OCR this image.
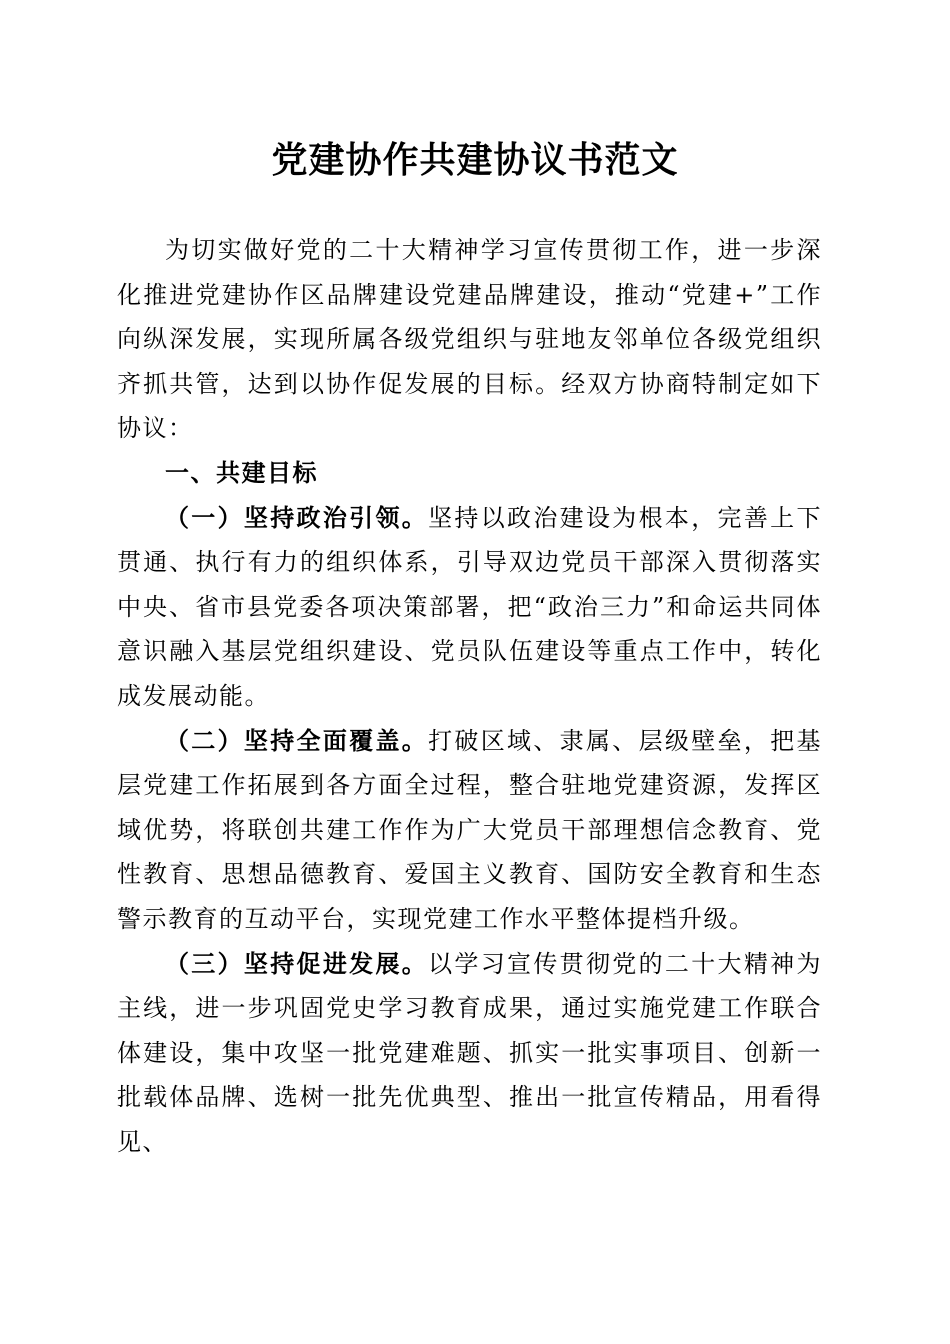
党建协作共建协议书范文

为切实做好党的二十大精神学习宣传贯彻工作，进一步深化推进党建协作区品牌建设党建品牌建设，推动“党建+”工作向纵深发展，实现所属各级党组织与驻地友邻单位各级党组织齐抓共管，达到以协作促发展的目标。经双方协商特制定如下协议：

一、共建目标

（一）坚持政治引领。坚持以政治建设为根本，完善上下贯通、执行有力的组织体系，引导双边党员干部深入贯彻落实中央、省市县党委各项决策部署，把“政治三力”和命运共同体意识融入基层党组织建设、党员队伍建设等重点工作中，转化成发展动能。

（二）坚持全面覆盖。打破区域、隶属、层级壁垒，把基层党建工作拓展到各方面全过程，整合驻地党建资源，发挥区域优势，将联创共建工作作为广大党员干部理想信念教育、党性教育、思想品德教育、爱国主义教育、国防安全教育和生态警示教育的互动平台，实现党建工作水平整体提档升级。

（三）坚持促进发展。以学习宣传贯彻党的二十大精神为主线，进一步巩固党史学习教育成果，通过实施党建工作联合体建设，集中攻坚一批党建难题、抓实一批实事项目、创新一批载体品牌、选树一批先优典型、推出一批宣传精品，用看得见、
